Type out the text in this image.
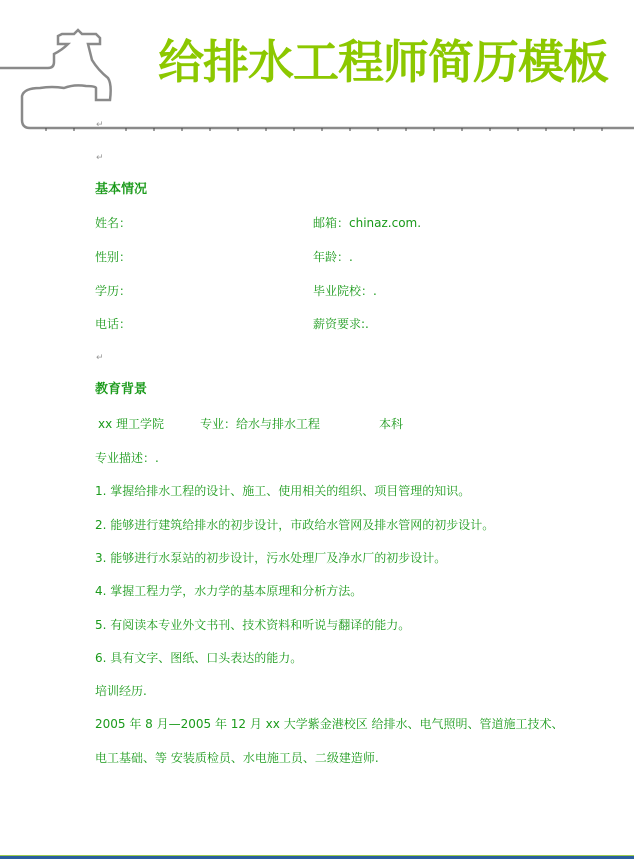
给排水工程师简历模板
↵
↵
基本情况
姓名：	邮箱：chinaz.com.
性别：	年龄：.
学历：	毕业院校：.
电话：	薪资要求:.
↵
教育背景
xx 理工学院	专业：给水与排水工程	本科
专业描述：.
1. 掌握给排水工程的设计、施工、使用相关的组织、项目管理的知识。
2. 能够进行建筑给排水的初步设计，市政给水管网及排水管网的初步设计。
3. 能够进行水泵站的初步设计，污水处理厂及净水厂的初步设计。
4. 掌握工程力学，水力学的基本原理和分析方法。
5. 有阅读本专业外文书刊、技术资料和听说与翻译的能力。
6. 具有文字、图纸、口头表达的能力。
培训经历.
2005 年 8 月—2005 年 12 月 xx 大学紫金港校区 给排水、电气照明、管道施工技术、
电工基础、等 安装质检员、水电施工员、二级建造师.
